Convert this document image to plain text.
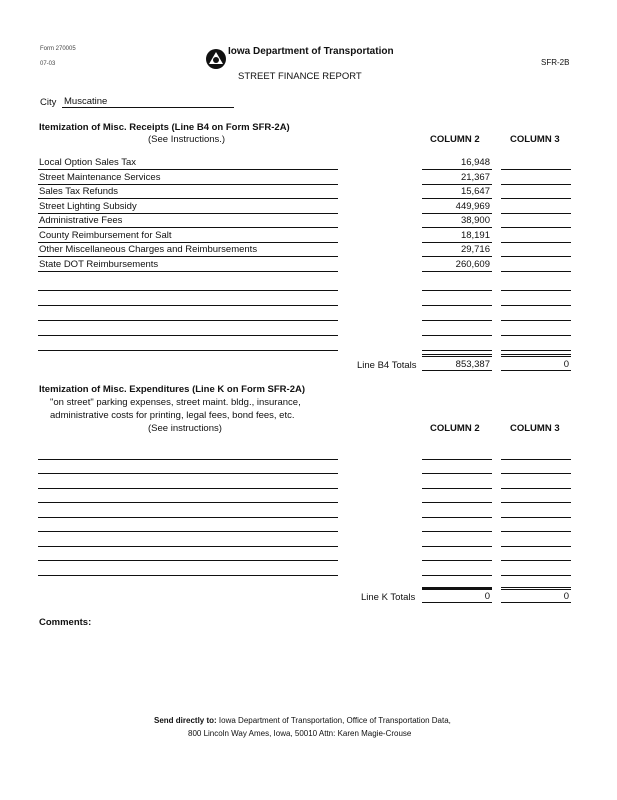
Form 270005
07-03
Iowa Department of Transportation
SFR-2B
STREET FINANCE REPORT
City Muscatine
Itemization of Misc. Receipts (Line B4 on Form SFR-2A)
(See Instructions.)	COLUMN 2	COLUMN 3
Local Option Sales Tax	16,948
Street Maintenance Services	21,367
Sales Tax Refunds	15,647
Street Lighting Subsidy	449,969
Administrative Fees	38,900
County Reimbursement for Salt	18,191
Other Miscellaneous Charges and Reimbursements	29,716
State DOT Reimbursements	260,609
Line B4 Totals	853,387	0
Itemization of Misc. Expenditures (Line K on Form SFR-2A)
"on street" parking expenses, street maint. bldg., insurance,
administrative costs for printing, legal fees, bond fees, etc.
(See instructions)	COLUMN 2	COLUMN 3
Line K Totals	0	0
Comments:
Send directly to: Iowa Department of Transportation, Office of Transportation Data,
800 Lincoln Way Ames, Iowa, 50010 Attn: Karen Magie-Crouse
